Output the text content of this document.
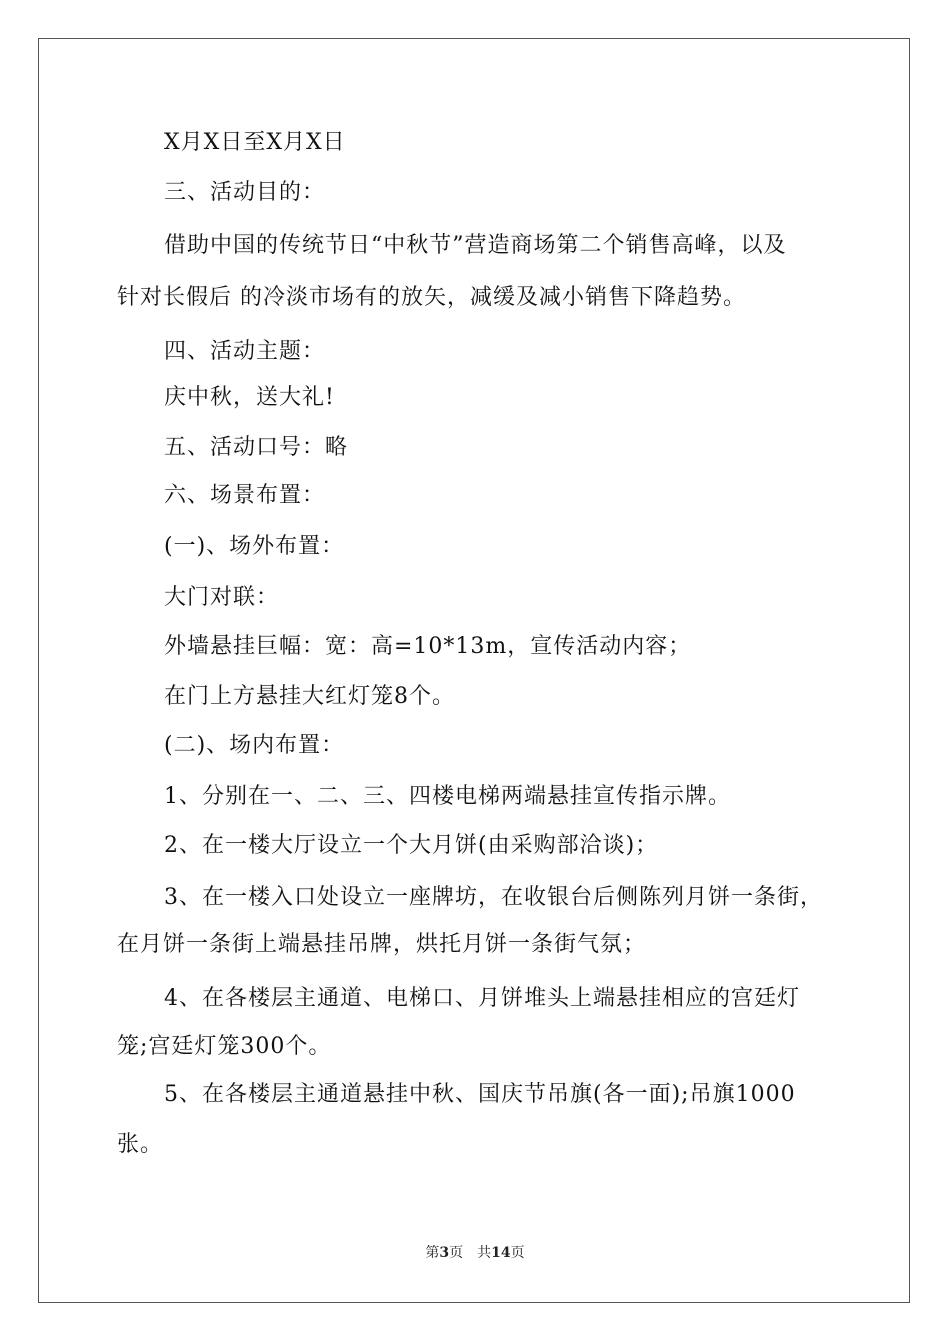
X月X日至X月X日
三、活动目的：
借助中国的传统节日“中秋节”营造商场第二个销售高峰，以及
针对长假后 的冷淡市场有的放矢，减缓及减小销售下降趋势。
四、活动主题：
庆中秋，送大礼!
五、活动口号：略
六、场景布置：
(一)、场外布置：
大门对联：
外墙悬挂巨幅：宽：高=10*13m，宣传活动内容；
在门上方悬挂大红灯笼8个。
(二)、场内布置：
1、分别在一、二、三、四楼电梯两端悬挂宣传指示牌。
2、在一楼大厅设立一个大月饼(由采购部洽谈)；
3、在一楼入口处设立一座牌坊，在收银台后侧陈列月饼一条街，
在月饼一条街上端悬挂吊牌，烘托月饼一条街气氛；
4、在各楼层主通道、电梯口、月饼堆头上端悬挂相应的宫廷灯
笼;宫廷灯笼300个。
5、在各楼层主通道悬挂中秋、国庆节吊旗(各一面);吊旗1000
张。
第3页 共14页
